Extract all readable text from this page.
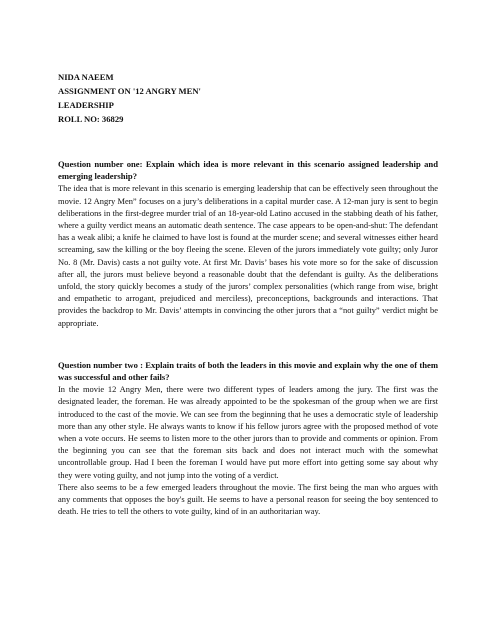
NIDA NAEEM

ASSIGNMENT ON '12 ANGRY MEN'

LEADERSHIP

ROLL NO: 36829

Question number one: Explain which idea is more relevant in this scenario assigned leadership and emerging leadership?

The idea that is more relevant in this scenario is emerging leadership that can be effectively seen throughout the movie. 12 Angry Men” focuses on a jury’s deliberations in a capital murder case. A 12-man jury is sent to begin deliberations in the first-degree murder trial of an 18-year-old Latino accused in the stabbing death of his father, where a guilty verdict means an automatic death sentence. The case appears to be open-and-shut: The defendant has a weak alibi; a knife he claimed to have lost is found at the murder scene; and several witnesses either heard screaming, saw the killing or the boy fleeing the scene. Eleven of the jurors immediately vote guilty; only Juror No. 8 (Mr. Davis) casts a not guilty vote. At first Mr. Davis’ bases his vote more so for the sake of discussion after all, the jurors must believe beyond a reasonable doubt that the defendant is guilty. As the deliberations unfold, the story quickly becomes a study of the jurors’ complex personalities (which range from wise, bright and empathetic to arrogant, prejudiced and merciless), preconceptions, backgrounds and interactions. That provides the backdrop to Mr. Davis’ attempts in convincing the other jurors that a “not guilty” verdict might be appropriate.

Question number two : Explain traits of both the leaders in this movie and explain why the one of them was successful and other fails?

In the movie 12 Angry Men, there were two different types of leaders among the jury. The first was the designated leader, the foreman. He was already appointed to be the spokesman of the group when we are first introduced to the cast of the movie. We can see from the beginning that he uses a democratic style of leadership more than any other style. He always wants to know if his fellow jurors agree with the proposed method of vote when a vote occurs. He seems to listen more to the other jurors than to provide and comments or opinion. From the beginning you can see that the foreman sits back and does not interact much with the somewhat uncontrollable group. Had I been the foreman I would have put more effort into getting some say about why they were voting guilty, and not jump into the voting of a verdict.

There also seems to be a few emerged leaders throughout the movie. The first being the man who argues with any comments that opposes the boy's guilt. He seems to have a personal reason for seeing the boy sentenced to death. He tries to tell the others to vote guilty, kind of in an authoritarian way.
